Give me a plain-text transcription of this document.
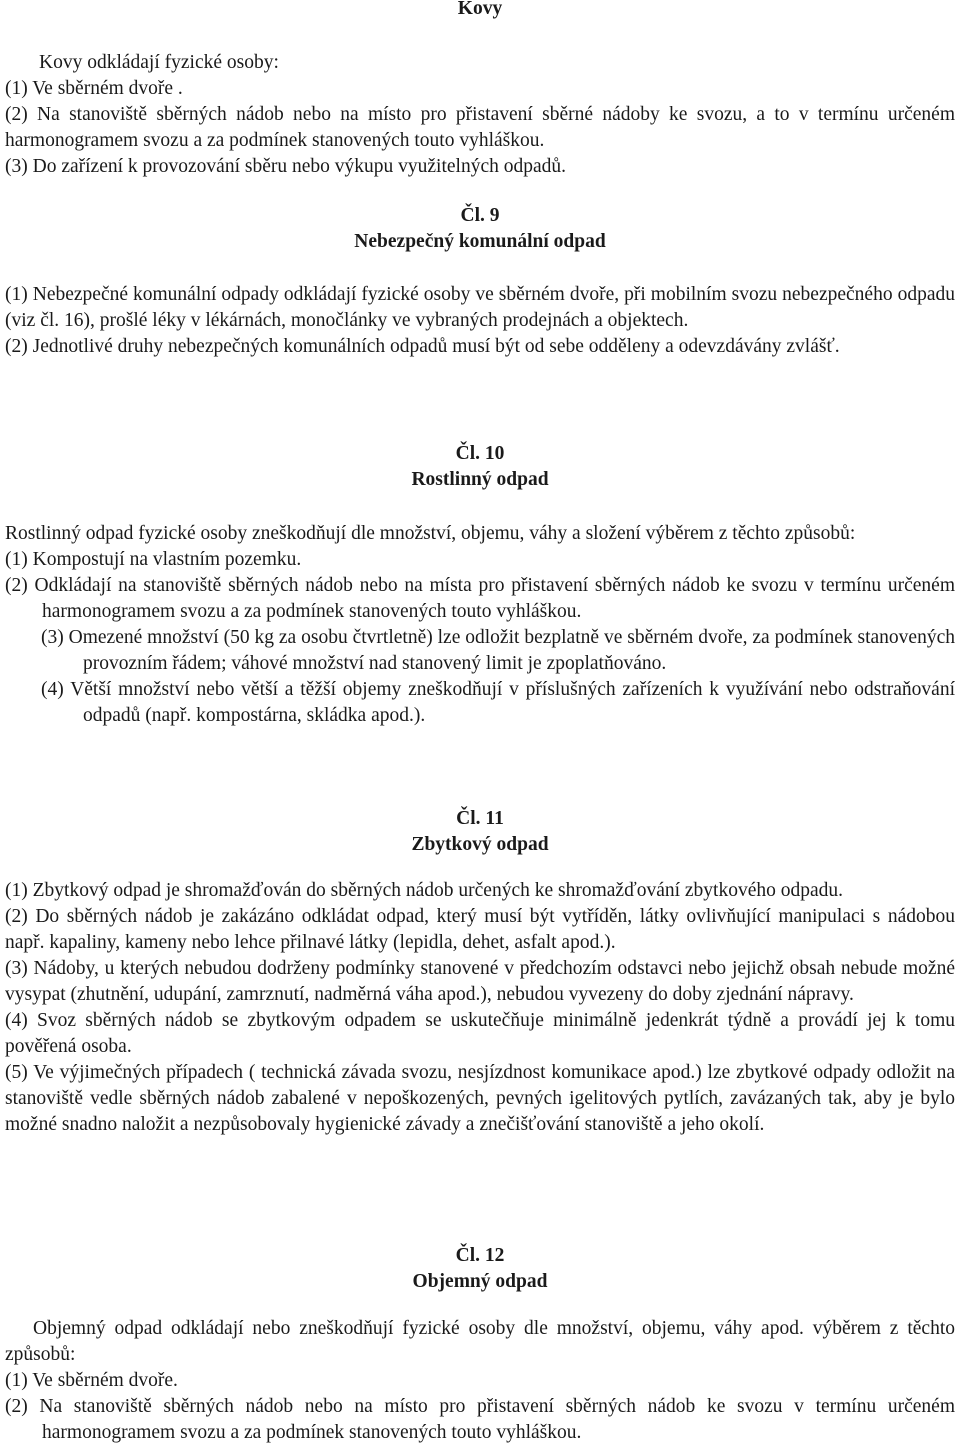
Kovy

Kovy odkládají fyzické osoby:

(1) Ve sběrném dvoře .

(2) Na stanoviště sběrných nádob nebo na místo pro přistavení sběrné nádoby ke svozu, a to v termínu určeném harmonogramem svozu a za podmínek stanovených touto vyhláškou.

(3) Do zařízení k provozování sběru nebo výkupu využitelných odpadů.

Čl. 9

Nebezpečný komunální odpad

(1) Nebezpečné komunální odpady odkládají fyzické osoby ve sběrném dvoře, při mobilním svozu nebezpečného odpadu (viz čl. 16), prošlé léky v lékárnách, monočlánky ve vybraných prodejnách a objektech.

(2) Jednotlivé druhy nebezpečných komunálních odpadů musí být od sebe odděleny a odevzdávány zvlášť.

Čl. 10

Rostlinný odpad

Rostlinný odpad fyzické osoby zneškodňují dle množství, objemu, váhy a složení výběrem z těchto způsobů:

(1) Kompostují na vlastním pozemku.

(2) Odkládají na stanoviště sběrných nádob nebo na místa pro přistavení sběrných nádob ke svozu v termínu určeném harmonogramem svozu a za podmínek stanovených touto vyhláškou.

(3) Omezené množství (50 kg za osobu čtvrtletně) lze odložit bezplatně ve sběrném dvoře, za podmínek stanovených provozním řádem; váhové množství nad stanovený limit je zpoplatňováno.

(4) Větší množství nebo větší a těžší objemy zneškodňují v příslušných zařízeních k využívání nebo odstraňování odpadů (např. kompostárna, skládka apod.).

Čl. 11

Zbytkový odpad

(1) Zbytkový odpad je shromažďován do sběrných nádob určených ke shromažďování zbytkového odpadu.

(2) Do sběrných nádob je zakázáno odkládat odpad, který musí být vytříděn, látky ovlivňující manipulaci s nádobou např. kapaliny, kameny nebo lehce přilnavé látky (lepidla, dehet, asfalt apod.).

(3) Nádoby, u kterých nebudou dodrženy podmínky stanovené v předchozím odstavci nebo jejichž obsah nebude možné vysypat (zhutnění, udupání, zamrznutí, nadměrná váha apod.), nebudou vyvezeny do doby zjednání nápravy.

(4) Svoz sběrných nádob se zbytkovým odpadem se uskutečňuje minimálně jedenkrát týdně a provádí jej k tomu pověřená osoba.

(5) Ve výjimečných případech ( technická závada svozu, nesjízdnost komunikace apod.) lze zbytkové odpady odložit na stanoviště vedle sběrných nádob zabalené v nepoškozených, pevných igelitových pytlích, zavázaných tak, aby je bylo možné snadno naložit a nezpůsobovaly hygienické závady a znečišťování stanoviště a jeho okolí.

Čl. 12

Objemný odpad

Objemný odpad odkládají nebo zneškodňují fyzické osoby dle množství, objemu, váhy apod. výběrem z těchto způsobů:

(1) Ve sběrném dvoře.

(2) Na stanoviště sběrných nádob nebo na místo pro přistavení sběrných nádob ke svozu v termínu určeném harmonogramem svozu a za podmínek stanovených touto vyhláškou.
